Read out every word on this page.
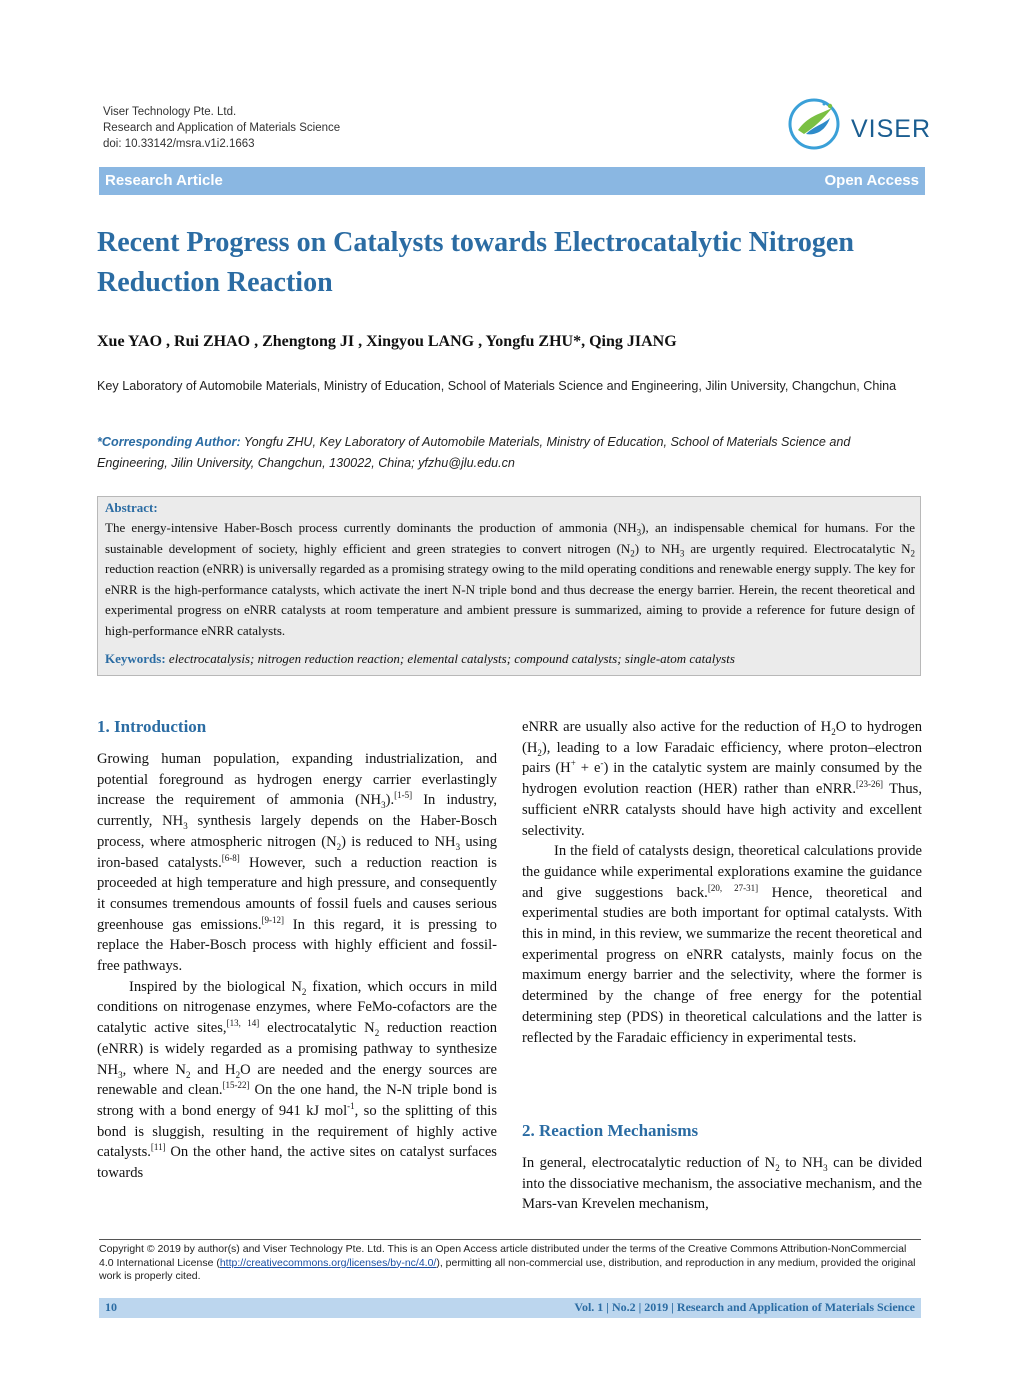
Viser Technology Pte. Ltd.
Research and Application of Materials Science
doi: 10.33142/msra.v1i2.1663
VISER
Research Article	Open Access
Recent Progress on Catalysts towards Electrocatalytic Nitrogen Reduction Reaction
Xue YAO , Rui ZHAO , Zhengtong JI , Xingyou LANG , Yongfu ZHU*, Qing JIANG
Key Laboratory of Automobile Materials, Ministry of Education, School of Materials Science and Engineering, Jilin University, Changchun, China
*Corresponding Author: Yongfu ZHU, Key Laboratory of Automobile Materials, Ministry of Education, School of Materials Science and Engineering, Jilin University, Changchun, 130022, China; yfzhu@jlu.edu.cn
Abstract:
The energy-intensive Haber-Bosch process currently dominants the production of ammonia $(NH_3)$, an indispensable chemical for humans. For the sustainable development of society, highly efficient and green strategies to convert nitrogen $(N_2)$ to $NH_3$ are urgently required. Electrocatalytic $N_2$ reduction reaction (eNRR) is universally regarded as a promising strategy owing to the mild operating conditions and renewable energy supply. The key for eNRR is the high-performance catalysts, which activate the inert N-N triple bond and thus decrease the energy barrier. Herein, the recent theoretical and experimental progress on eNRR catalysts at room temperature and ambient pressure is summarized, aiming to provide a reference for future design of high-performance eNRR catalysts.
Keywords: electrocatalysis; nitrogen reduction reaction; elemental catalysts; compound catalysts; single-atom catalysts
1. Introduction

Growing human population, expanding industrialization, and potential foreground as hydrogen energy carrier everlastingly increase the requirement of ammonia $(NH_3).[1-5]$ In industry, currently, $NH_3$ synthesis largely depends on the Haber-Bosch process, where atmospheric nitrogen $(N_2)$ is reduced to $NH_3$ using iron-based catalysts.[6-8] However, such a reduction reaction is proceeded at high temperature and high pressure, and consequently it consumes tremendous amounts of fossil fuels and causes serious greenhouse gas emissions.[9-12] In this regard, it is pressing to replace the Haber-Bosch process with highly efficient and fossil-free pathways.

Inspired by the biological $N_2$ fixation, which occurs in mild conditions on nitrogenase enzymes, where FeMo-cofactors are the catalytic active sites,[13, 14] electrocatalytic $N_2$ reduction reaction (eNRR) is widely regarded as a promising pathway to synthesize $NH_3$, where $N_2$ and $H_2O$ are needed and the energy sources are renewable and clean.[15-22] On the one hand, the N-N triple bond is strong with a bond energy of 941 kJ mol$^{-1}$, so the splitting of this bond is sluggish, resulting in the requirement of highly active catalysts.[11] On the other hand, the active sites on catalyst surfaces towards

eNRR are usually also active for the reduction of $H_2O$ to hydrogen $(H_2)$, leading to a low Faradaic efficiency, where proton–electron pairs (H+ + e-) in the catalytic system are mainly consumed by the hydrogen evolution reaction (HER) rather than eNRR.[23-26] Thus, sufficient eNRR catalysts should have high activity and excellent selectivity.

In the field of catalysts design, theoretical calculations provide the guidance while experimental explorations examine the guidance and give suggestions back.[20, 27-31] Hence, theoretical and experimental studies are both important for optimal catalysts. With this in mind, in this review, we summarize the recent theoretical and experimental progress on eNRR catalysts, mainly focus on the maximum energy barrier and the selectivity, where the former is determined by the change of free energy for the potential determining step (PDS) in theoretical calculations and the latter is reflected by the Faradaic efficiency in experimental tests.

2. Reaction Mechanisms

In general, electrocatalytic reduction of $N_2$ to $NH_3$ can be divided into the dissociative mechanism, the associative mechanism, and the Mars-van Krevelen mechanism,

Copyright © 2019 by author(s) and Viser Technology Pte. Ltd. This is an Open Access article distributed under the terms of the Creative Commons Attribution-NonCommercial 4.0 International License (http://creativecommons.org/licenses/by-nc/4.0/), permitting all non-commercial use, distribution, and reproduction in any medium, provided the original work is properly cited.
10	Vol. 1 | No.2 | 2019 | Research and Application of Materials Science
